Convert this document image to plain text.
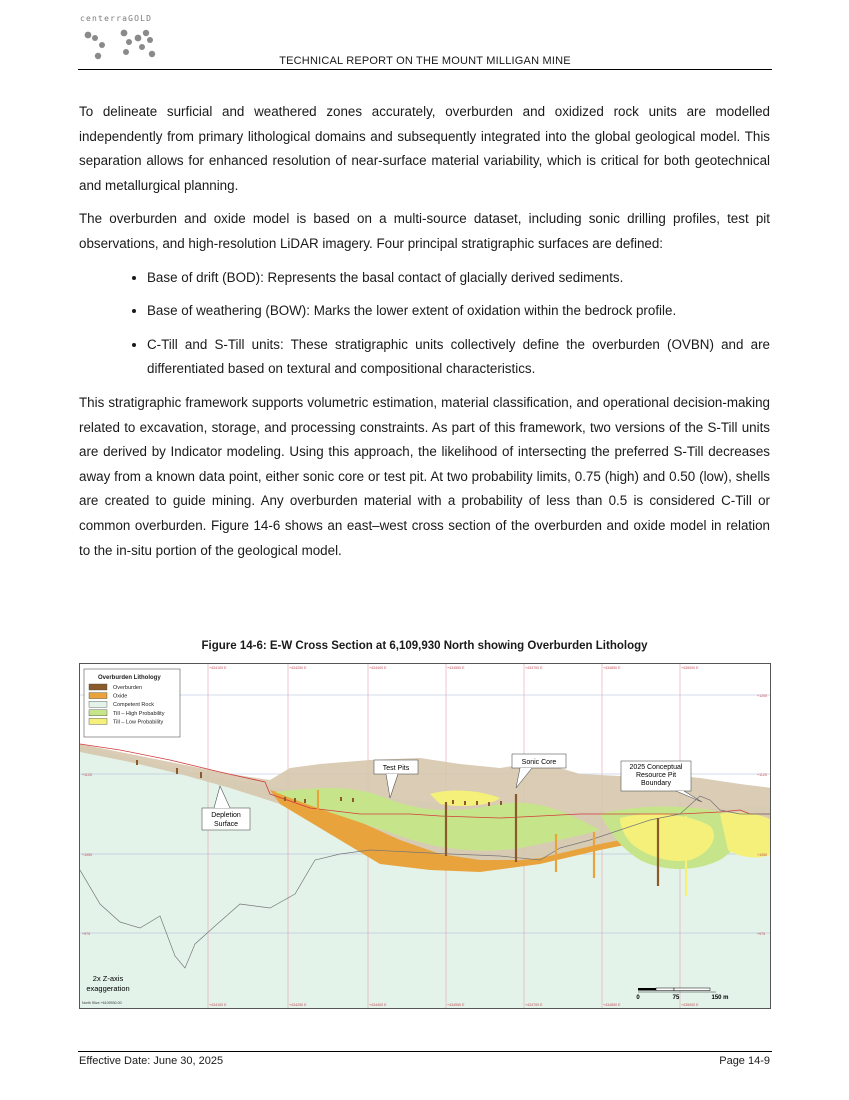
centerraGOLD
TECHNICAL REPORT ON THE MOUNT MILLIGAN MINE

To delineate surficial and weathered zones accurately, overburden and oxidized rock units are modelled independently from primary lithological domains and subsequently integrated into the global geological model. This separation allows for enhanced resolution of near-surface material variability, which is critical for both geotechnical and metallurgical planning.

The overburden and oxide model is based on a multi-source dataset, including sonic drilling profiles, test pit observations, and high-resolution LiDAR imagery. Four principal stratigraphic surfaces are defined:

• Base of drift (BOD): Represents the basal contact of glacially derived sediments.
• Base of weathering (BOW): Marks the lower extent of oxidation within the bedrock profile.
• C-Till and S-Till units: These stratigraphic units collectively define the overburden (OVBN) and are differentiated based on textural and compositional characteristics.

This stratigraphic framework supports volumetric estimation, material classification, and operational decision-making related to excavation, storage, and processing constraints. As part of this framework, two versions of the S-Till units are derived by Indicator modeling. Using this approach, the likelihood of intersecting the preferred S-Till decreases away from a known data point, either sonic core or test pit. At two probability limits, 0.75 (high) and 0.50 (low), shells are created to guide mining. Any overburden material with a probability of less than 0.5 is considered C-Till or common overburden. Figure 14-6 shows an east–west cross section of the overburden and oxide model in relation to the in-situ portion of the geological model.

Figure 14-6: E-W Cross Section at 6,109,930 North showing Overburden Lithology
+434100 E	+434250 E	+434400 E	+434550 E	+434700 E	+434850 E	+435000 E
+434100 E	+434250 E	+434400 E	+434550 E	+434700 E	+434850 E	+435000 E
+1125
+1050
+975
+1200
+1125
+1050
+975
Overburden Lithology
Overburden
Oxide
Competent Rock
Till – High Probability
Till – Low Probability
Test Pits
Sonic Core
2025 Conceptual
Resource Pit
Boundary
Depletion
Surface
2x Z-axis
exaggeration
North Slice +6109930.00
0	75	150 m
Effective Date: June 30, 2025	Page 14-9
